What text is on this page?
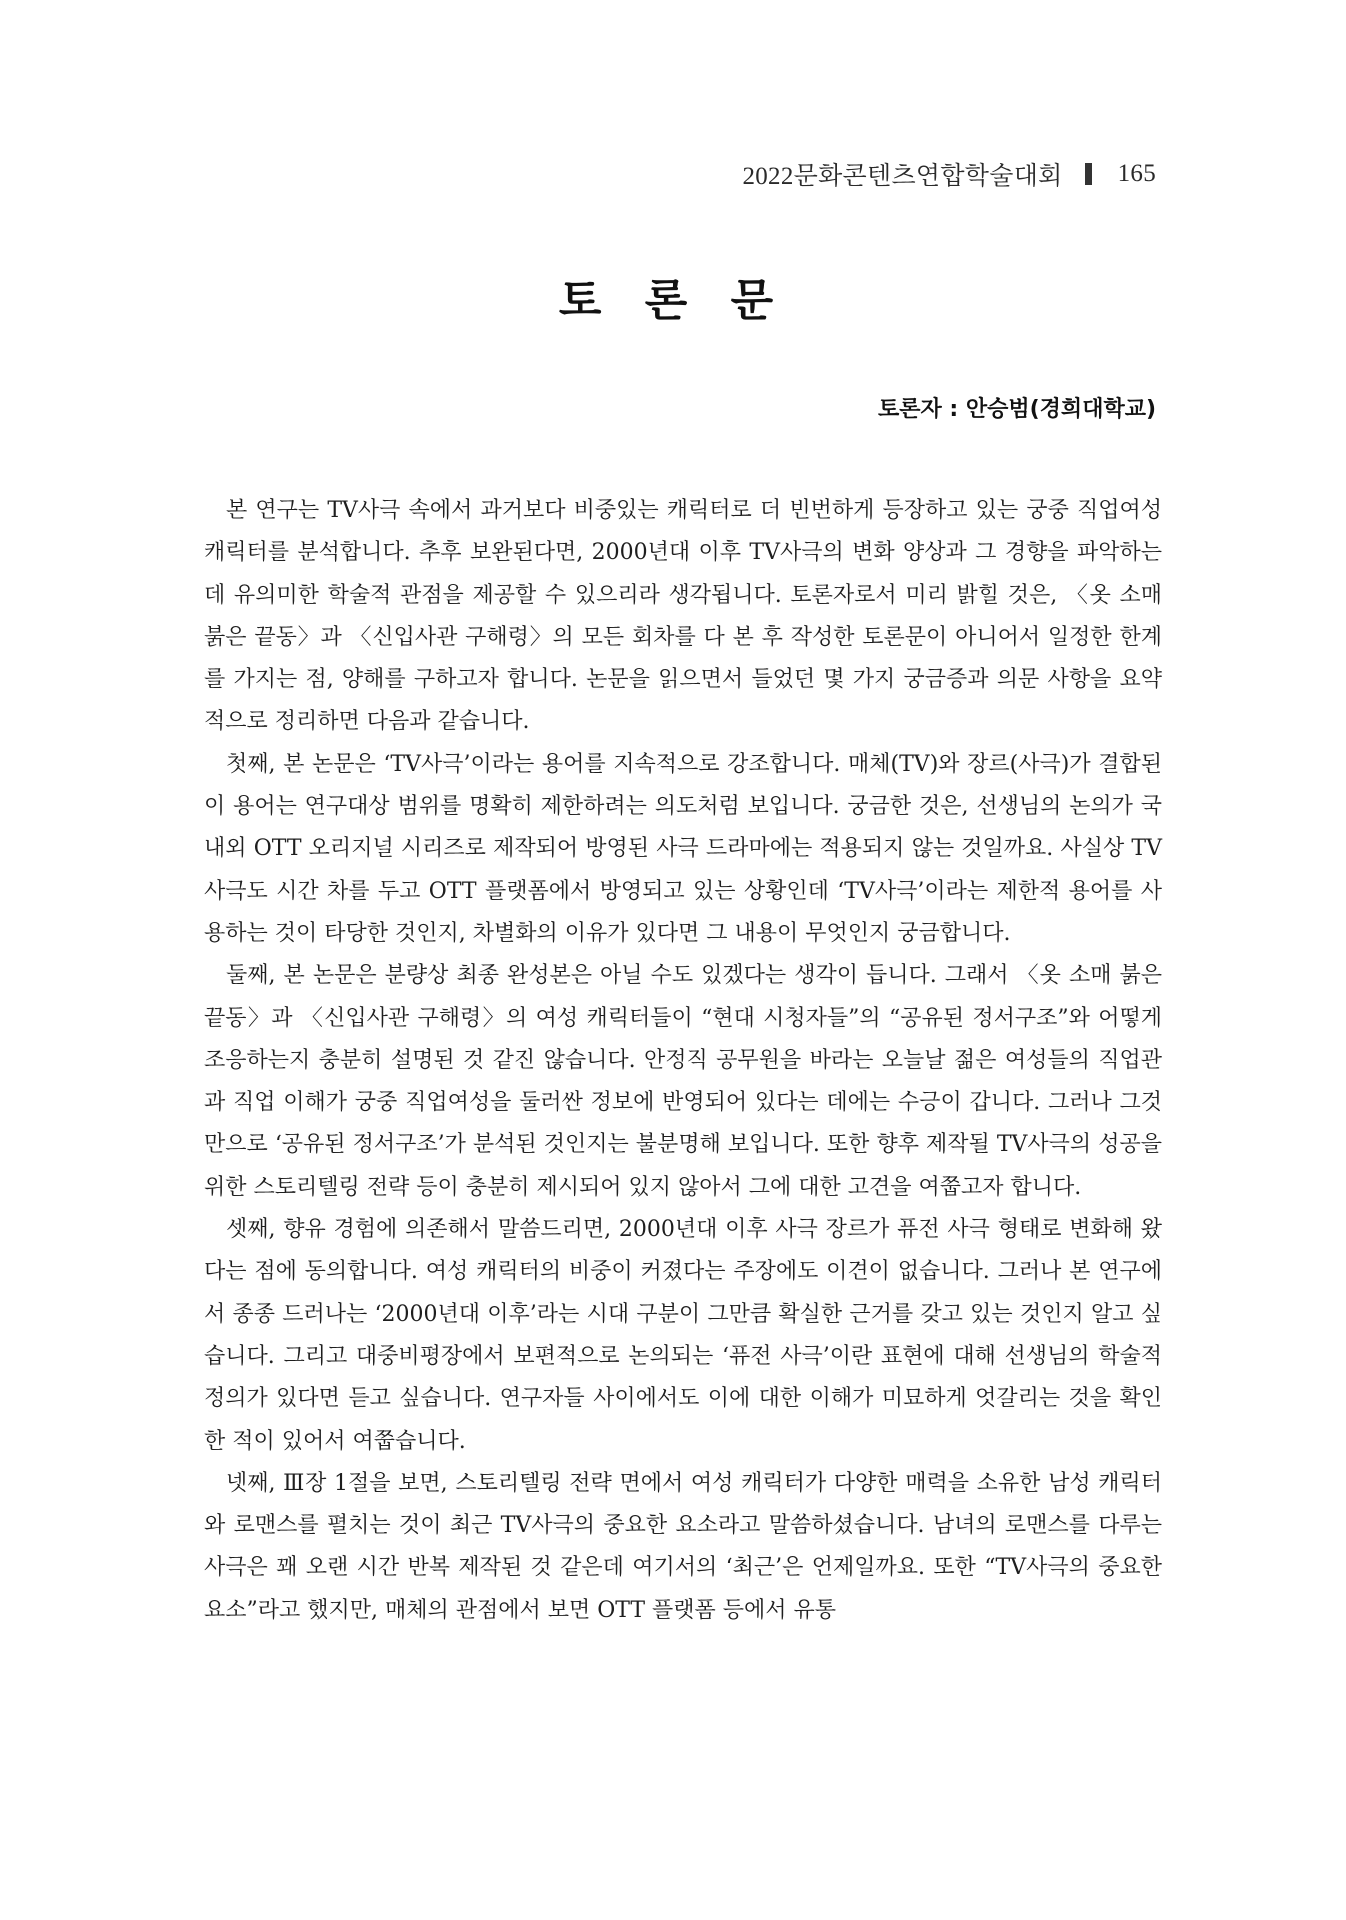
2022문화콘텐츠연합학술대회 165
토 론 문
토론자 : 안승범(경희대학교)

본 연구는 TV사극 속에서 과거보다 비중있는 캐릭터로 더 빈번하게 등장하고 있는 궁중 직업여성 캐릭터를 분석합니다. 추후 보완된다면, 2000년대 이후 TV사극의 변화 양상과 그 경향을 파악하는 데 유의미한 학술적 관점을 제공할 수 있으리라 생각됩니다. 토론자로서 미리 밝힐 것은, 〈옷 소매 붉은 끝동〉과 〈신입사관 구해령〉의 모든 회차를 다 본 후 작성한 토론문이 아니어서 일정한 한계를 가지는 점, 양해를 구하고자 합니다. 논문을 읽으면서 들었던 몇 가지 궁금증과 의문 사항을 요약적으로 정리하면 다음과 같습니다.

첫째, 본 논문은 ‘TV사극’이라는 용어를 지속적으로 강조합니다. 매체(TV)와 장르(사극)가 결합된 이 용어는 연구대상 범위를 명확히 제한하려는 의도처럼 보입니다. 궁금한 것은, 선생님의 논의가 국내외 OTT 오리지널 시리즈로 제작되어 방영된 사극 드라마에는 적용되지 않는 것일까요. 사실상 TV사극도 시간 차를 두고 OTT 플랫폼에서 방영되고 있는 상황인데 ‘TV사극’이라는 제한적 용어를 사용하는 것이 타당한 것인지, 차별화의 이유가 있다면 그 내용이 무엇인지 궁금합니다.

둘째, 본 논문은 분량상 최종 완성본은 아닐 수도 있겠다는 생각이 듭니다. 그래서 〈옷 소매 붉은 끝동〉과 〈신입사관 구해령〉의 여성 캐릭터들이 “현대 시청자들”의 “공유된 정서구조”와 어떻게 조응하는지 충분히 설명된 것 같진 않습니다. 안정직 공무원을 바라는 오늘날 젊은 여성들의 직업관과 직업 이해가 궁중 직업여성을 둘러싼 정보에 반영되어 있다는 데에는 수긍이 갑니다. 그러나 그것만으로 ‘공유된 정서구조’가 분석된 것인지는 불분명해 보입니다. 또한 향후 제작될 TV사극의 성공을 위한 스토리텔링 전략 등이 충분히 제시되어 있지 않아서 그에 대한 고견을 여쭙고자 합니다.

셋째, 향유 경험에 의존해서 말씀드리면, 2000년대 이후 사극 장르가 퓨전 사극 형태로 변화해 왔다는 점에 동의합니다. 여성 캐릭터의 비중이 커졌다는 주장에도 이견이 없습니다. 그러나 본 연구에서 종종 드러나는 ‘2000년대 이후’라는 시대 구분이 그만큼 확실한 근거를 갖고 있는 것인지 알고 싶습니다. 그리고 대중비평장에서 보편적으로 논의되는 ‘퓨전 사극’이란 표현에 대해 선생님의 학술적 정의가 있다면 듣고 싶습니다. 연구자들 사이에서도 이에 대한 이해가 미묘하게 엇갈리는 것을 확인한 적이 있어서 여쭙습니다.

넷째, Ⅲ장 1절을 보면, 스토리텔링 전략 면에서 여성 캐릭터가 다양한 매력을 소유한 남성 캐릭터와 로맨스를 펼치는 것이 최근 TV사극의 중요한 요소라고 말씀하셨습니다. 남녀의 로맨스를 다루는 사극은 꽤 오랜 시간 반복 제작된 것 같은데 여기서의 ‘최근’은 언제일까요. 또한 “TV사극의 중요한 요소”라고 했지만, 매체의 관점에서 보면 OTT 플랫폼 등에서 유통
